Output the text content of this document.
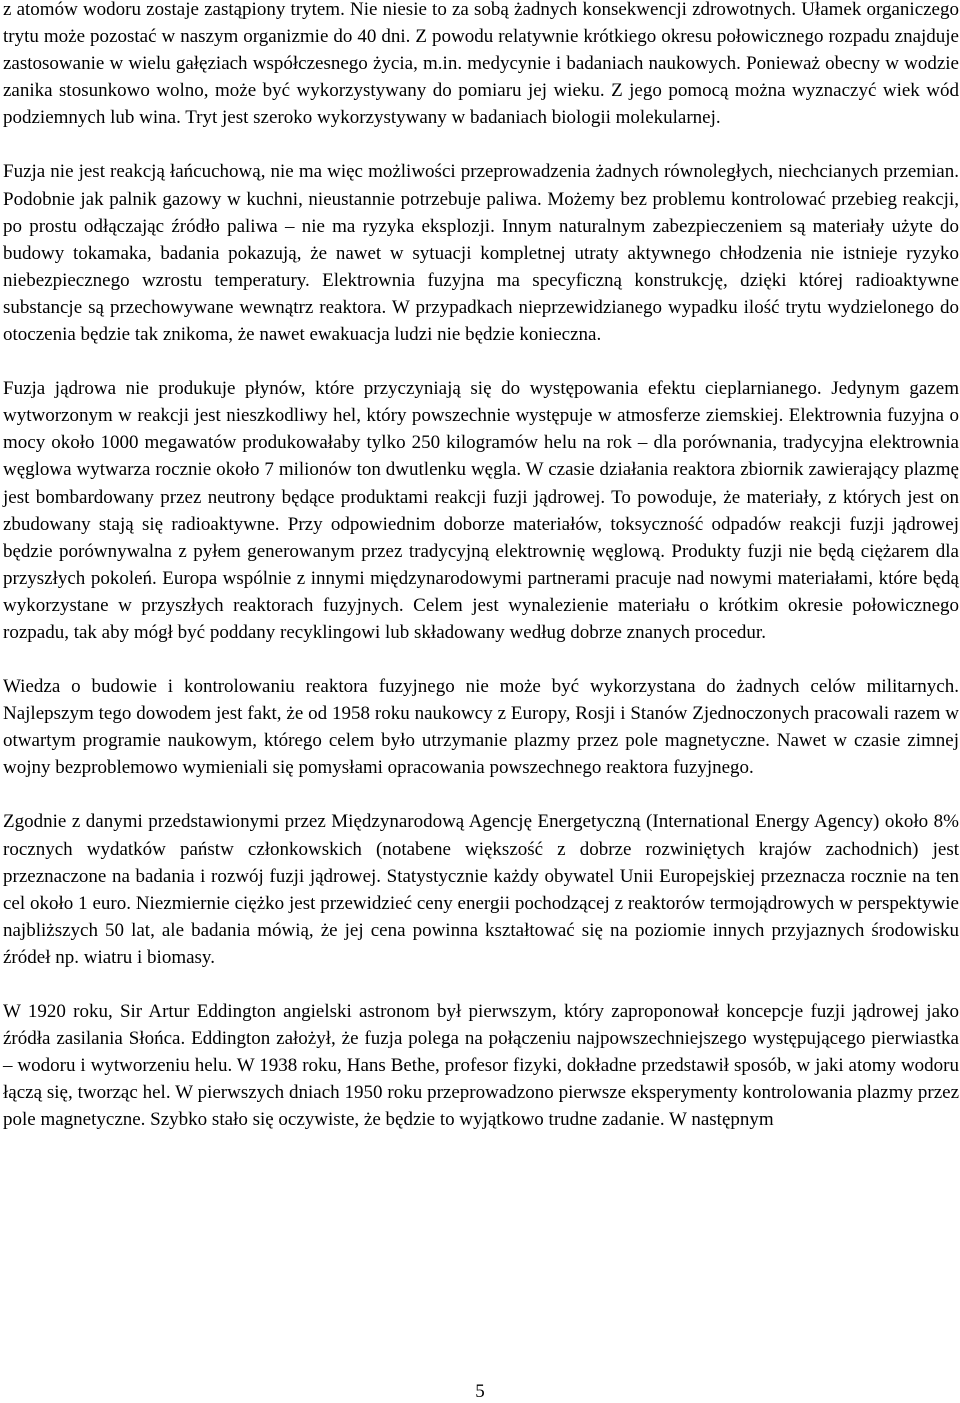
z atomów wodoru zostaje zastąpiony trytem. Nie niesie to za sobą żadnych konsekwencji zdrowotnych. Ułamek organiczego trytu może pozostać w naszym organizmie do 40 dni. Z powodu relatywnie krótkiego okresu połowicznego rozpadu znajduje zastosowanie w wielu gałęziach współczesnego życia, m.in. medycynie i badaniach naukowych. Ponieważ obecny w wodzie zanika stosunkowo wolno, może być wykorzystywany do pomiaru jej wieku. Z jego pomocą można wyznaczyć wiek wód podziemnych lub wina. Tryt jest szeroko wykorzystywany w badaniach biologii molekularnej.

Fuzja nie jest reakcją łańcuchową, nie ma więc możliwości przeprowadzenia żadnych równoległych, niechcianych przemian. Podobnie jak palnik gazowy w kuchni, nieustannie potrzebuje paliwa. Możemy bez problemu kontrolować przebieg reakcji, po prostu odłączając źródło paliwa – nie ma ryzyka eksplozji. Innym naturalnym zabezpieczeniem są materiały użyte do budowy tokamaka, badania pokazują, że nawet w sytuacji kompletnej utraty aktywnego chłodzenia nie istnieje ryzyko niebezpiecznego wzrostu temperatury. Elektrownia fuzyjna ma specyficzną konstrukcję, dzięki której radioaktywne substancje są przechowywane wewnątrz reaktora. W przypadkach nieprzewidzianego wypadku ilość trytu wydzielonego do otoczenia będzie tak znikoma, że nawet ewakuacja ludzi nie będzie konieczna.

Fuzja jądrowa nie produkuje płynów, które przyczyniają się do występowania efektu cieplarnianego. Jedynym gazem wytworzonym w reakcji jest nieszkodliwy hel, który powszechnie występuje w atmosferze ziemskiej. Elektrownia fuzyjna o mocy około 1000 megawatów produkowałaby tylko 250 kilogramów helu na rok – dla porównania, tradycyjna elektrownia węglowa wytwarza rocznie około 7 milionów ton dwutlenku węgla. W czasie działania reaktora zbiornik zawierający plazmę jest bombardowany przez neutrony będące produktami reakcji fuzji jądrowej. To powoduje, że materiały, z których jest on zbudowany stają się radioaktywne. Przy odpowiednim doborze materiałów, toksyczność odpadów reakcji fuzji jądrowej będzie porównywalna z pyłem generowanym przez tradycyjną elektrownię węglową. Produkty fuzji nie będą ciężarem dla przyszłych pokoleń. Europa wspólnie z innymi międzynarodowymi partnerami pracuje nad nowymi materiałami, które będą wykorzystane w przyszłych reaktorach fuzyjnych. Celem jest wynalezienie materiału o krótkim okresie połowicznego rozpadu, tak aby mógł być poddany recyklingowi lub składowany według dobrze znanych procedur.

Wiedza o budowie i kontrolowaniu reaktora fuzyjnego nie może być wykorzystana do żadnych celów militarnych. Najlepszym tego dowodem jest fakt, że od 1958 roku naukowcy z Europy, Rosji i Stanów Zjednoczonych pracowali razem w otwartym programie naukowym, którego celem było utrzymanie plazmy przez pole magnetyczne. Nawet w czasie zimnej wojny bezproblemowo wymieniali się pomysłami opracowania powszechnego reaktora fuzyjnego.

Zgodnie z danymi przedstawionymi przez Międzynarodową Agencję Energetyczną (International Energy Agency) około 8% rocznych wydatków państw członkowskich (notabene większość z dobrze rozwiniętych krajów zachodnich) jest przeznaczone na badania i rozwój fuzji jądrowej. Statystycznie każdy obywatel Unii Europejskiej przeznacza rocznie na ten cel około 1 euro. Niezmiernie ciężko jest przewidzieć ceny energii pochodzącej z reaktorów termojądrowych w perspektywie najbliższych 50 lat, ale badania mówią, że jej cena powinna kształtować się na poziomie innych przyjaznych środowisku źródeł np. wiatru i biomasy.

W 1920 roku, Sir Artur Eddington angielski astronom był pierwszym, który zaproponował koncepcje fuzji jądrowej jako źródła zasilania Słońca. Eddington założył, że fuzja polega na połączeniu najpowszechniejszego występującego pierwiastka – wodoru i wytworzeniu helu. W 1938 roku, Hans Bethe, profesor fizyki, dokładne przedstawił sposób, w jaki atomy wodoru łączą się, tworząc hel. W pierwszych dniach 1950 roku przeprowadzono pierwsze eksperymenty kontrolowania plazmy przez pole magnetyczne. Szybko stało się oczywiste, że będzie to wyjątkowo trudne zadanie. W następnym

5
